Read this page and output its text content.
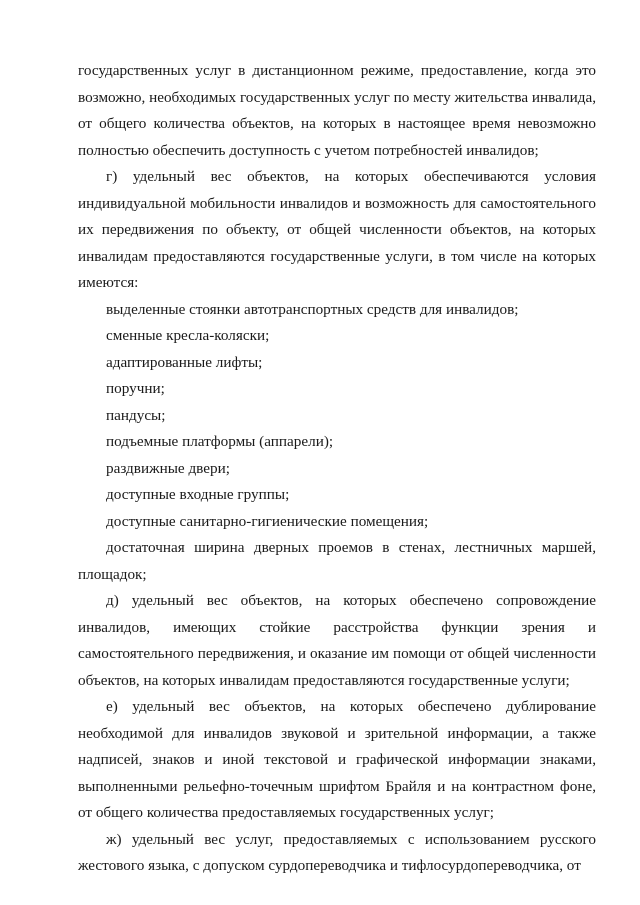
государственных услуг в дистанционном режиме, предоставление, когда это возможно, необходимых государственных услуг по месту жительства инвалида, от общего количества объектов, на которых в настоящее время невозможно полностью обеспечить доступность с учетом потребностей инвалидов;

г) удельный вес объектов, на которых обеспечиваются условия индивидуальной мобильности инвалидов и возможность для самостоятельного их передвижения по объекту, от общей численности объектов, на которых инвалидам предоставляются государственные услуги, в том числе на которых имеются:

выделенные стоянки автотранспортных средств для инвалидов;

сменные кресла-коляски;

адаптированные лифты;

поручни;

пандусы;

подъемные платформы (аппарели);

раздвижные двери;

доступные входные группы;

доступные санитарно-гигиенические помещения;

достаточная ширина дверных проемов в стенах, лестничных маршей, площадок;

д) удельный вес объектов, на которых обеспечено сопровождение инвалидов, имеющих стойкие расстройства функции зрения и самостоятельного передвижения, и оказание им помощи от общей численности объектов, на которых инвалидам предоставляются государственные услуги;

е) удельный вес объектов, на которых обеспечено дублирование необходимой для инвалидов звуковой и зрительной информации, а также надписей, знаков и иной текстовой и графической информации знаками, выполненными рельефно-точечным шрифтом Брайля и на контрастном фоне, от общего количества предоставляемых государственных услуг;

ж) удельный вес услуг, предоставляемых с использованием русского жестового языка, с допуском сурдопереводчика и тифлосурдопереводчика, от
